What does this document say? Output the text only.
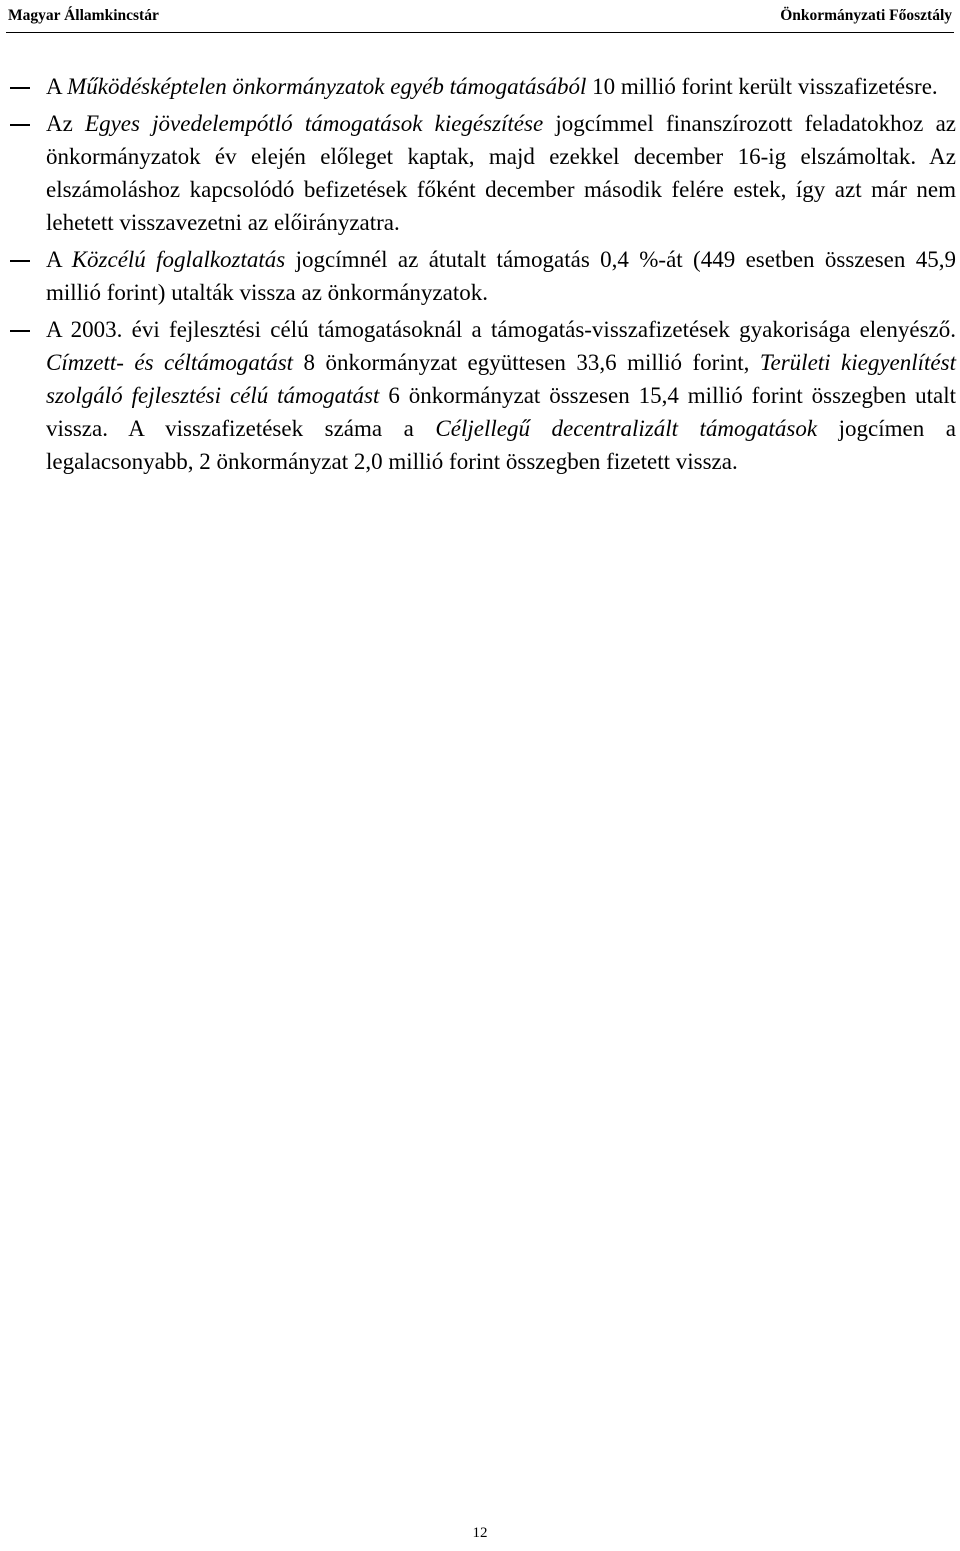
Magyar Államkincstár	Önkormányzati Főosztály

A Működésképtelen önkormányzatok egyéb támogatásából 10 millió forint került visszafizetésre.

Az Egyes jövedelempótló támogatások kiegészítése jogcímmel finanszírozott feladatokhoz az önkormányzatok év elején előleget kaptak, majd ezekkel december 16-ig elszámoltak. Az elszámoláshoz kapcsolódó befizetések főként december második felére estek, így azt már nem lehetett visszavezetni az előirányzatra.

A Közcélú foglalkoztatás jogcímnél az átutalt támogatás 0,4 %-át (449 esetben összesen 45,9 millió forint) utalták vissza az önkormányzatok.

A 2003. évi fejlesztési célú támogatásoknál a támogatás-visszafizetések gyakorisága elenyésző. Címzett- és céltámogatást 8 önkormányzat együttesen 33,6 millió forint, Területi kiegyenlítést szolgáló fejlesztési célú támogatást 6 önkormányzat összesen 15,4 millió forint összegben utalt vissza. A visszafizetések száma a Céljellegű decentralizált támogatások jogcímen a legalacsonyabb, 2 önkormányzat 2,0 millió forint összegben fizetett vissza.

12
